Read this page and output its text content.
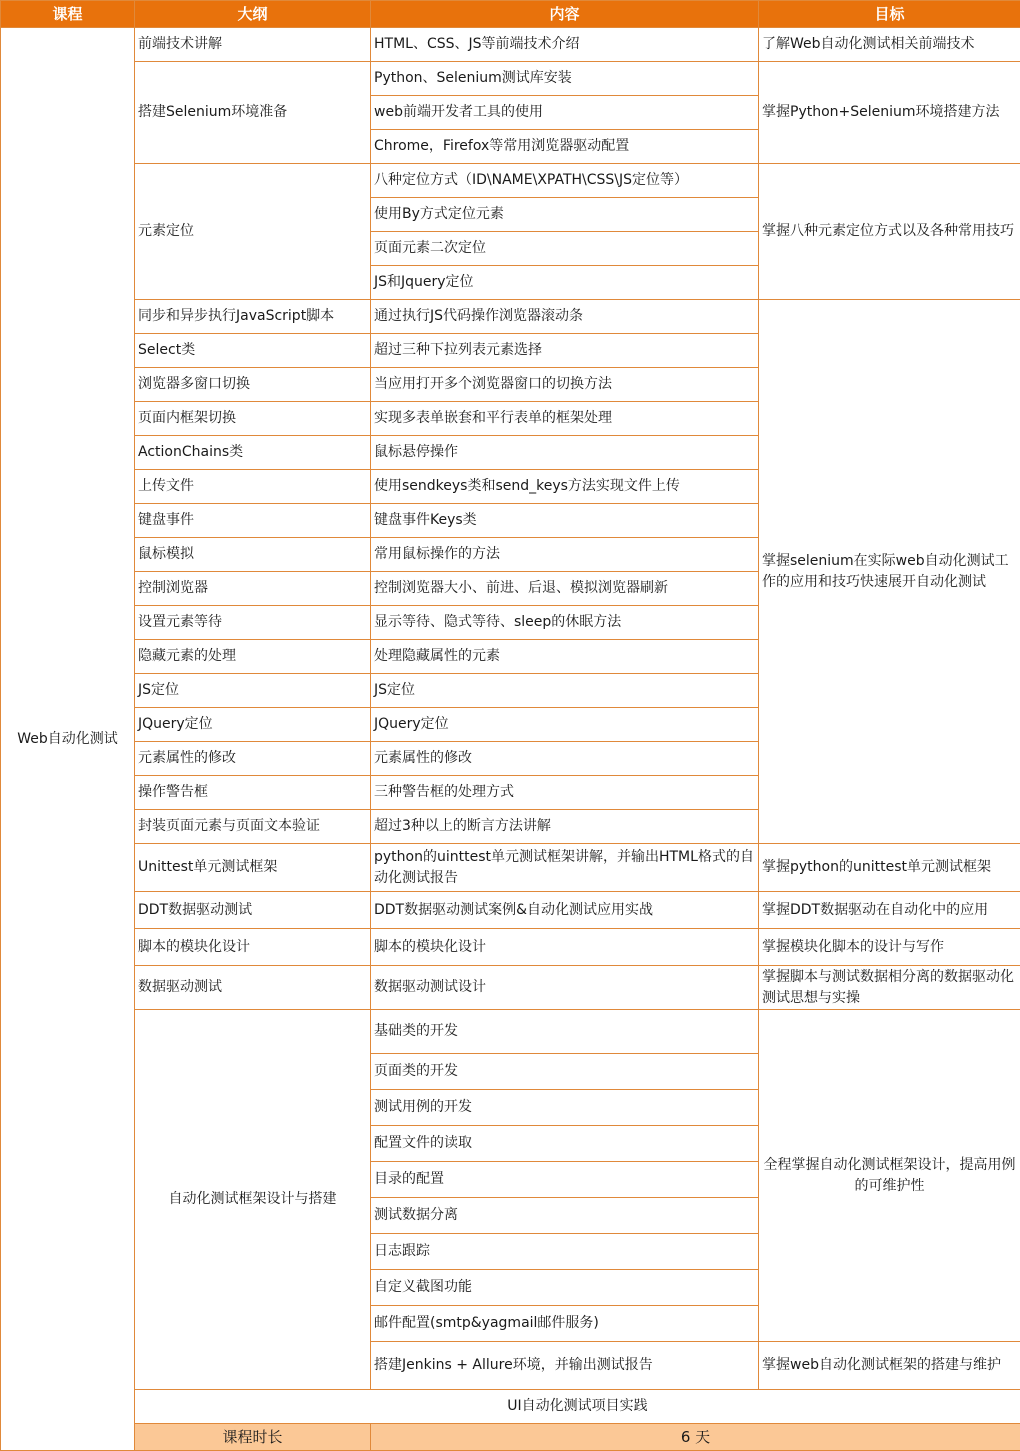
课程	大纲	内容	目标
Web自动化测试	前端技术讲解	HTML、CSS、JS等前端技术介绍	了解Web自动化测试相关前端技术
	搭建Selenium环境准备	Python、Selenium测试库安装	掌握Python+Selenium环境搭建方法
		web前端开发者工具的使用	
		Chrome，Firefox等常用浏览器驱动配置	
	元素定位	八种定位方式（ID\NAME\XPATH\CSS\JS定位等）	掌握八种元素定位方式以及各种常用技巧
		使用By方式定位元素	
		页面元素二次定位	
		JS和Jquery定位	
	同步和异步执行JavaScript脚本	通过执行JS代码操作浏览器滚动条	掌握selenium在实际web自动化测试工作的应用和技巧快速展开自动化测试
	Select类	超过三种下拉列表元素选择	
	浏览器多窗口切换	当应用打开多个浏览器窗口的切换方法	
	页面内框架切换	实现多表单嵌套和平行表单的框架处理	
	ActionChains类	鼠标悬停操作	
	上传文件	使用sendkeys类和send_keys方法实现文件上传	
	键盘事件	键盘事件Keys类	
	鼠标模拟	常用鼠标操作的方法	
	控制浏览器	控制浏览器大小、前进、后退、模拟浏览器刷新	
	设置元素等待	显示等待、隐式等待、sleep的休眠方法	
	隐藏元素的处理	处理隐藏属性的元素	
	JS定位	JS定位	
	JQuery定位	JQuery定位	
	元素属性的修改	元素属性的修改	
	操作警告框	三种警告框的处理方式	
	封装页面元素与页面文本验证	超过3种以上的断言方法讲解	
	Unittest单元测试框架	python的uinttest单元测试框架讲解，并输出HTML格式的自动化测试报告	掌握python的unittest单元测试框架
	DDT数据驱动测试	DDT数据驱动测试案例&自动化测试应用实战	掌握DDT数据驱动在自动化中的应用
	脚本的模块化设计	脚本的模块化设计	掌握模块化脚本的设计与写作
	数据驱动测试	数据驱动测试设计	掌握脚本与测试数据相分离的数据驱动化测试思想与实操
	自动化测试框架设计与搭建	基础类的开发	全程掌握自动化测试框架设计，提高用例的可维护性
		页面类的开发	
		测试用例的开发	
		配置文件的读取	
		目录的配置	
		测试数据分离	
		日志跟踪	
		自定义截图功能	
		邮件配置(smtp&yagmail邮件服务)	
		搭建Jenkins + Allure环境，并输出测试报告	掌握web自动化测试框架的搭建与维护
	UI自动化测试项目实践		
	课程时长	6 天	
